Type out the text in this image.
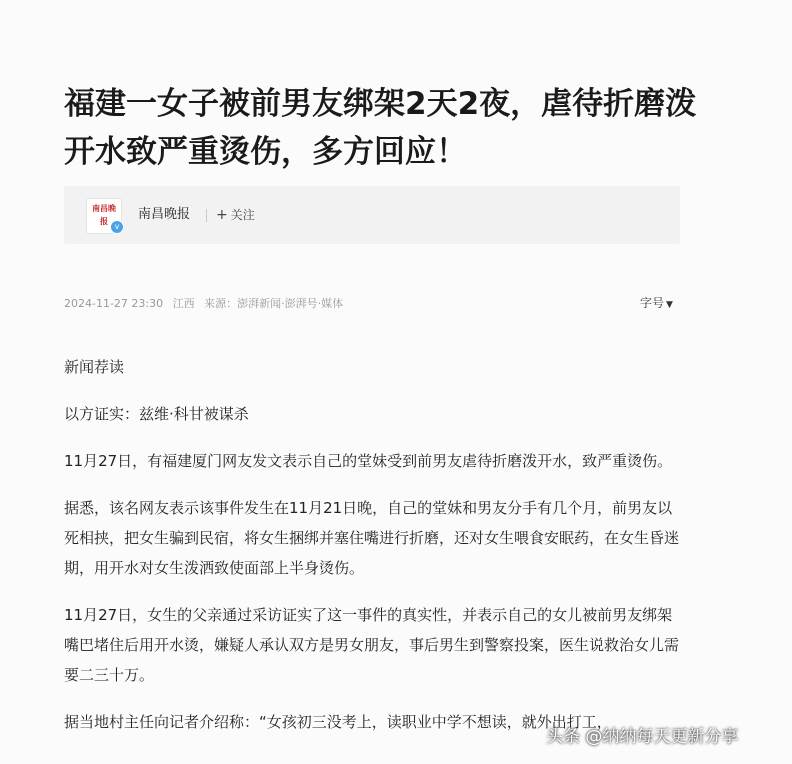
福建一女子被前男友绑架2天2夜，虐待折磨泼开水致严重烫伤，多方回应！
南昌晚报
v
南昌晚报 + 关注
2024-11-27 23:30 江西 来源：澎湃新闻·澎湃号·媒体	字号 ▼

新闻荐读

以方证实：兹维·科甘被谋杀

11月27日，有福建厦门网友发文表示自己的堂妹受到前男友虐待折磨泼开水，致严重烫伤。

据悉，该名网友表示该事件发生在11月21日晚，自己的堂妹和男友分手有几个月，前男友以死相挟，把女生骗到民宿，将女生捆绑并塞住嘴进行折磨，还对女生喂食安眠药，在女生昏迷期，用开水对女生泼洒致使面部上半身烫伤。

11月27日，女生的父亲通过采访证实了这一事件的真实性，并表示自己的女儿被前男友绑架嘴巴堵住后用开水烫，嫌疑人承认双方是男女朋友，事后男生到警察投案，医生说救治女儿需要二三十万。

据当地村主任向记者介绍称：“女孩初三没考上，读职业中学不想读，就外出打工，

头条 @纳纳每天更新分享
